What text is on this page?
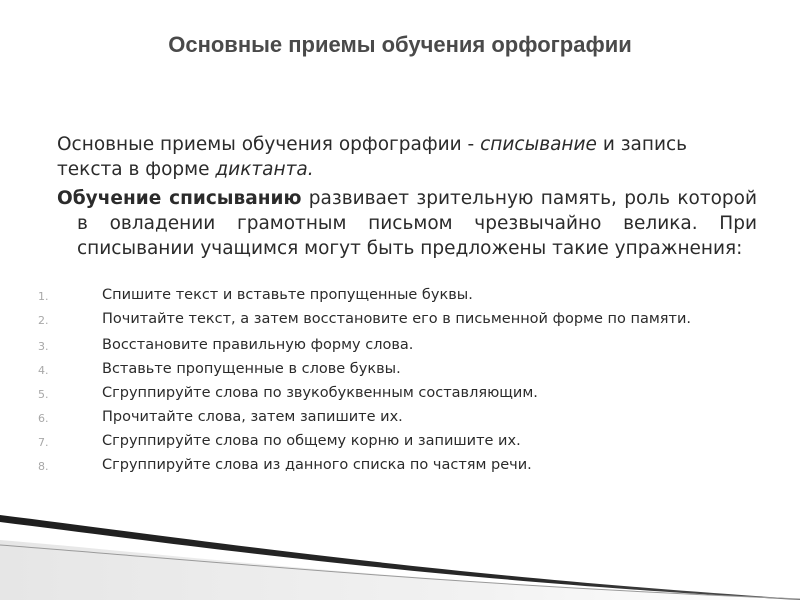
Основные приемы обучения орфографии

Основные приемы обучения орфографии - списывание и запись текста в форме диктанта.

Обучение списыванию развивает зрительную память, роль которой в овладении грамотным письмом чрезвычайно велика. При списывании учащимся могут быть предложены такие упражнения:

1.	Спишите текст и вставьте пропущенные буквы.
2.	Почитайте текст, а затем восстановите его в письменной форме по памяти.
3.	Восстановите правильную форму слова.
4.	Вставьте пропущенные в слове буквы.
5.	Сгруппируйте слова по звукобуквенным составляющим.
6.	Прочитайте слова, затем запишите их.
7.	Сгруппируйте слова по общему корню и запишите их.
8.	Сгруппируйте слова из данного списка по частям речи.
